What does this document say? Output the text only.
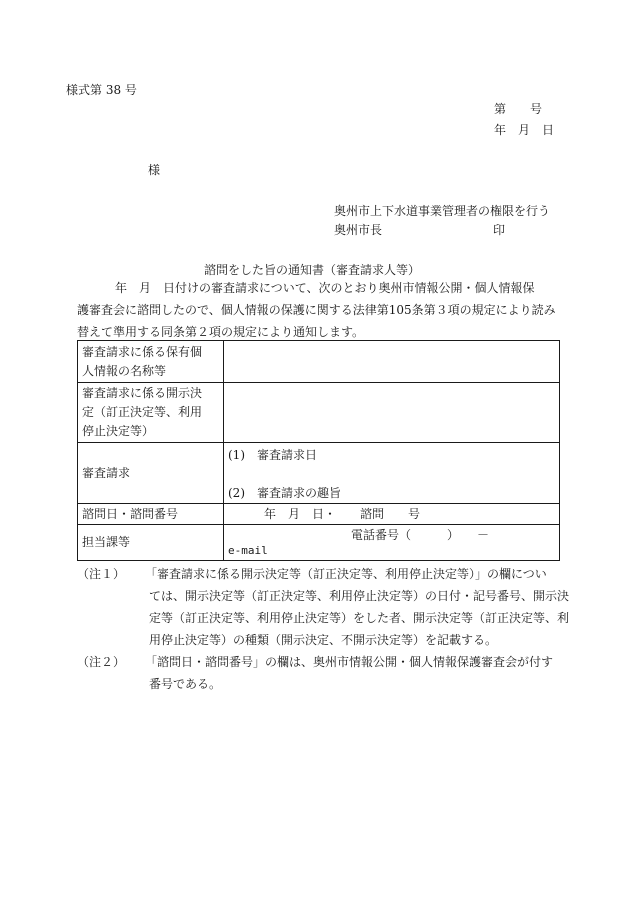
様式第 38 号
第　　号
年　月　日
様
奥州市上下水道事業管理者の権限を行う
奥州市長	印
諮問をした旨の通知書（審査請求人等）
年　月　日付けの審査請求について、次のとおり奥州市情報公開・個人情報保
護審査会に諮問したので、個人情報の保護に関する法律第105条第３項の規定により読み
替えて準用する同条第２項の規定により通知します。
審査請求に係る保有個
人情報の名称等	

審査請求に係る開示決
定（訂正決定等、利用
停止決定等）	

審査請求	(1)　審査請求日
(2)　審査請求の趣旨

諮問日・諮問番号	年　月　日・　　諮問　　号
担当課等	電話番号（　　　）　　－
e-mail
（注１）	「審査請求に係る開示決定等（訂正決定等、利用停止決定等）」の欄につい
ては、開示決定等（訂正決定等、利用停止決定等）の日付・記号番号、開示決
定等（訂正決定等、利用停止決定等）をした者、開示決定等（訂正決定等、利
用停止決定等）の種類（開示決定、不開示決定等）を記載する。
（注２）	「諮問日・諮問番号」の欄は、奥州市情報公開・個人情報保護審査会が付す
番号である。
